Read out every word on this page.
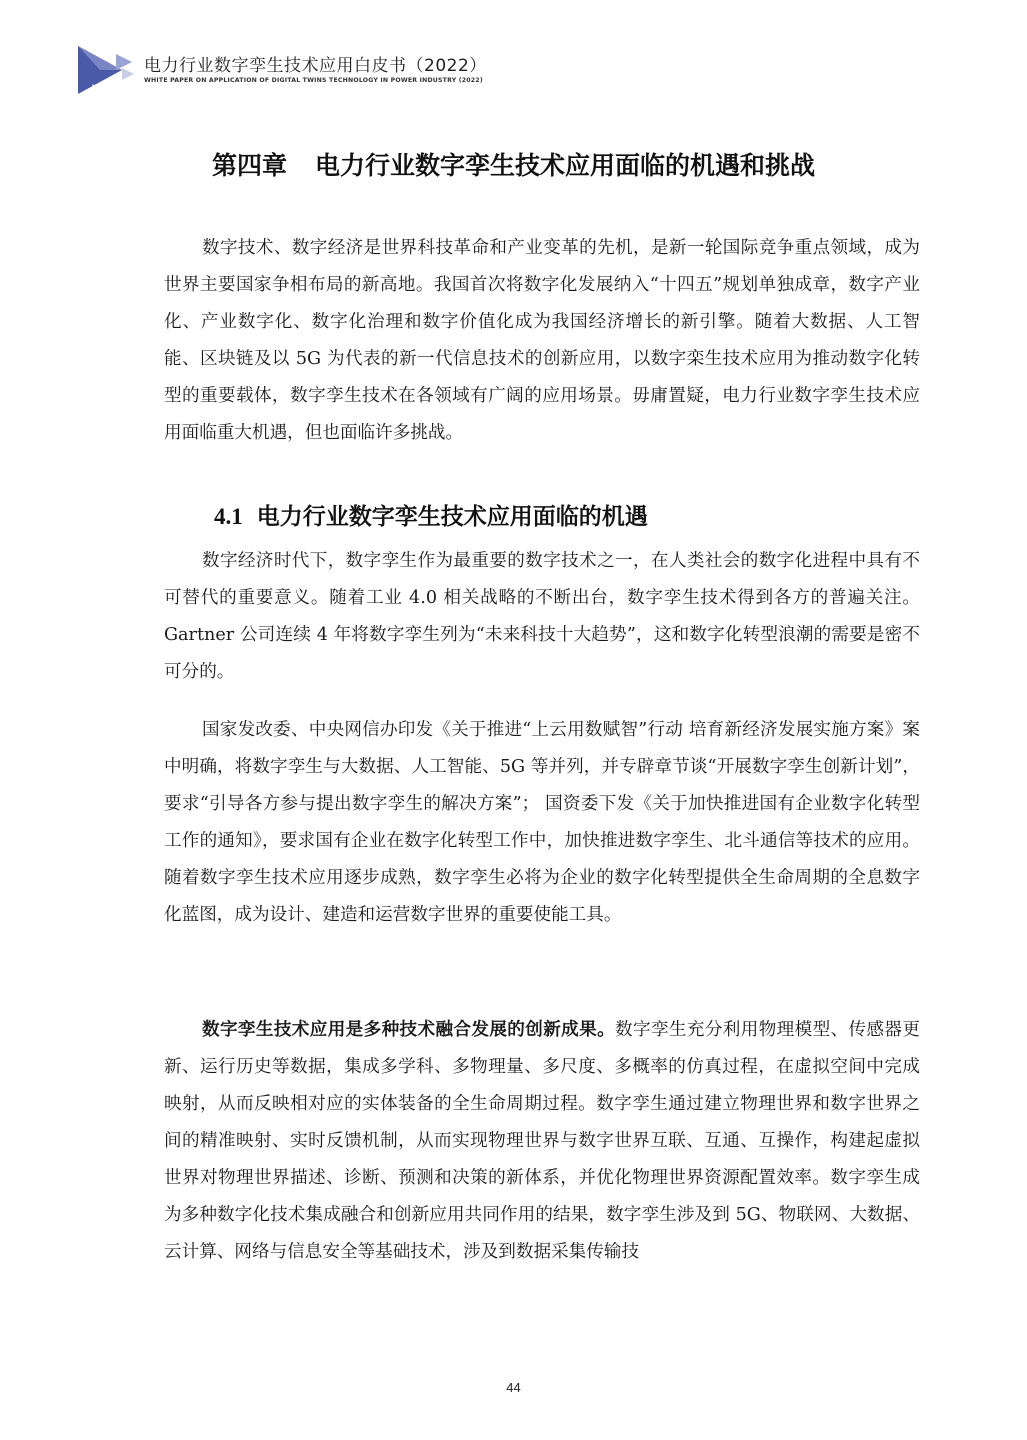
VPP
电力行业数字孪生技术应用白皮书（2022）
WHITE PAPER ON APPLICATION OF DIGITAL TWINS TECHNOLOGY IN POWER INDUSTRY (2022)
第四章 电力行业数字孪生技术应用面临的机遇和挑战

数字技术、数字经济是世界科技革命和产业变革的先机，是新一轮国际竞争重点领域，成为世界主要国家争相布局的新高地。我国首次将数字化发展纳入“十四五”规划单独成章，数字产业化、产业数字化、数字化治理和数字价值化成为我国经济增长的新引擎。随着大数据、人工智能、区块链及以 5G 为代表的新一代信息技术的创新应用，以数字栾生技术应用为推动数字化转型的重要载体，数字孪生技术在各领域有广阔的应用场景。毋庸置疑，电力行业数字孪生技术应用面临重大机遇，但也面临许多挑战。

4.1 电力行业数字孪生技术应用面临的机遇

数字经济时代下，数字孪生作为最重要的数字技术之一，在人类社会的数字化进程中具有不可替代的重要意义。随着工业 4.0 相关战略的不断出台，数字孪生技术得到各方的普遍关注。Gartner 公司连续 4 年将数字孪生列为“未来科技十大趋势”，这和数字化转型浪潮的需要是密不可分的。

国家发改委、中央网信办印发《关于推进“上云用数赋智”行动 培育新经济发展实施方案》案中明确，将数字孪生与大数据、人工智能、5G 等并列，并专辟章节谈“开展数字孪生创新计划”，要求“引导各方参与提出数字孪生的解决方案”； 国资委下发《关于加快推进国有企业数字化转型工作的通知》，要求国有企业在数字化转型工作中，加快推进数字孪生、北斗通信等技术的应用。随着数字孪生技术应用逐步成熟，数字孪生必将为企业的数字化转型提供全生命周期的全息数字化蓝图，成为设计、建造和运营数字世界的重要使能工具。

数字孪生技术应用是多种技术融合发展的创新成果。数字孪生充分利用物理模型、传感器更新、运行历史等数据，集成多学科、多物理量、多尺度、多概率的仿真过程，在虚拟空间中完成映射，从而反映相对应的实体装备的全生命周期过程。数字孪生通过建立物理世界和数字世界之间的精准映射、实时反馈机制，从而实现物理世界与数字世界互联、互通、互操作，构建起虚拟世界对物理世界描述、诊断、预测和决策的新体系，并优化物理世界资源配置效率。数字孪生成为多种数字化技术集成融合和创新应用共同作用的结果，数字孪生涉及到 5G、物联网、大数据、云计算、网络与信息安全等基础技术，涉及到数据采集传输技

44
